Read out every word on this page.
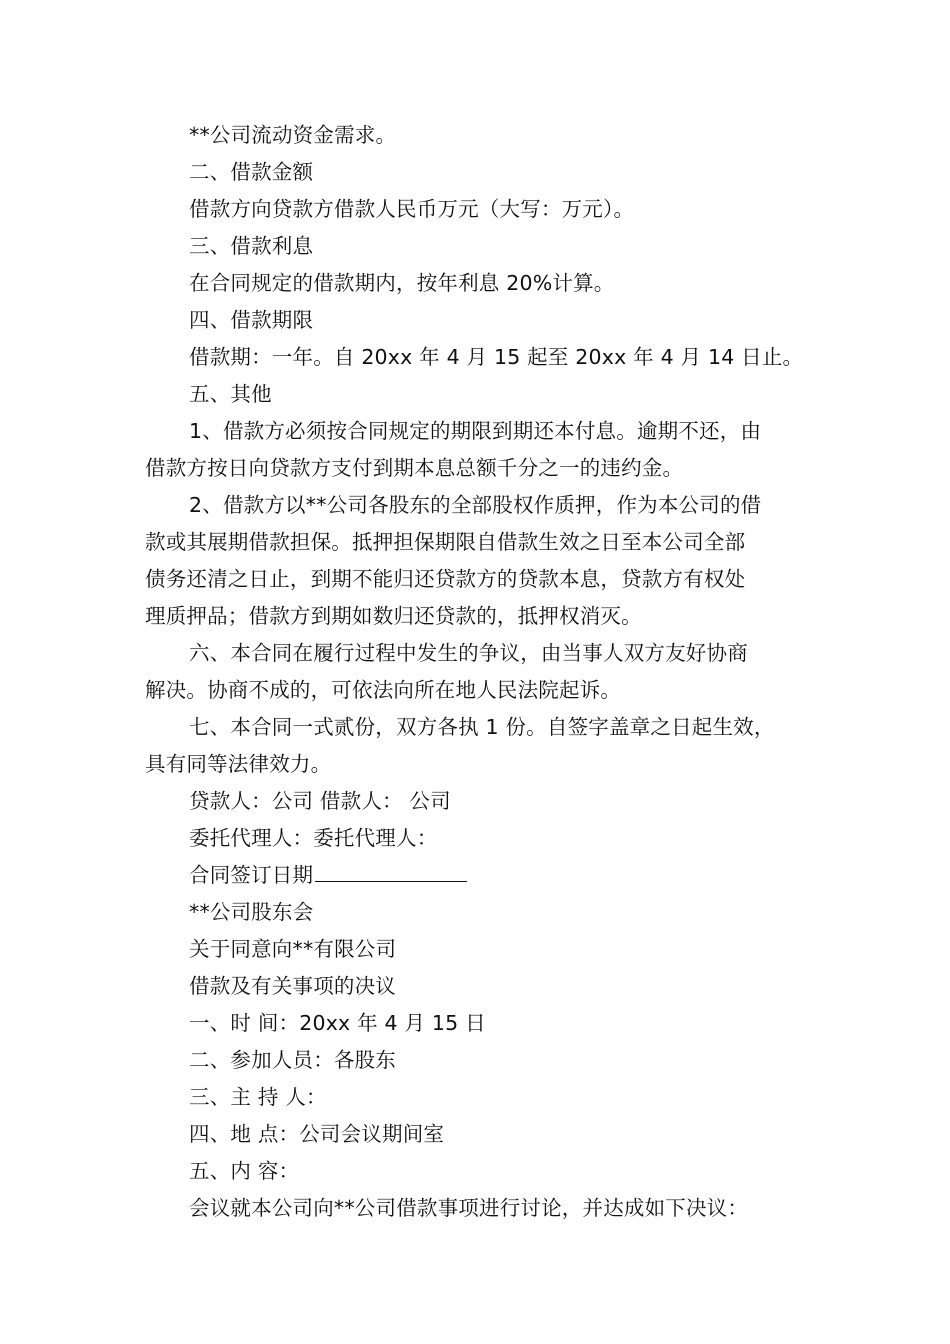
**公司流动资金需求。
二、借款金额
借款方向贷款方借款人民币万元（大写：万元）。
三、借款利息
在合同规定的借款期内，按年利息 20%计算。
四、借款期限
借款期：一年。自 20xx 年 4 月 15 起至 20xx 年 4 月 14 日止。
五、其他
1、借款方必须按合同规定的期限到期还本付息。逾期不还，由
借款方按日向贷款方支付到期本息总额千分之一的违约金。
2、借款方以**公司各股东的全部股权作质押，作为本公司的借
款或其展期借款担保。抵押担保期限自借款生效之日至本公司全部
债务还清之日止，到期不能归还贷款方的贷款本息，贷款方有权处
理质押品；借款方到期如数归还贷款的，抵押权消灭。
六、本合同在履行过程中发生的争议，由当事人双方友好协商
解决。协商不成的，可依法向所在地人民法院起诉。
七、本合同一式贰份，双方各执 1 份。自签字盖章之日起生效，
具有同等法律效力。
贷款人：公司 借款人： 公司
委托代理人：委托代理人：
合同签订日期
**公司股东会
关于同意向**有限公司
借款及有关事项的决议
一、时 间：20xx 年 4 月 15 日
二、参加人员：各股东
三、主 持 人：
四、地 点：公司会议期间室
五、内 容：
会议就本公司向**公司借款事项进行讨论，并达成如下决议：
